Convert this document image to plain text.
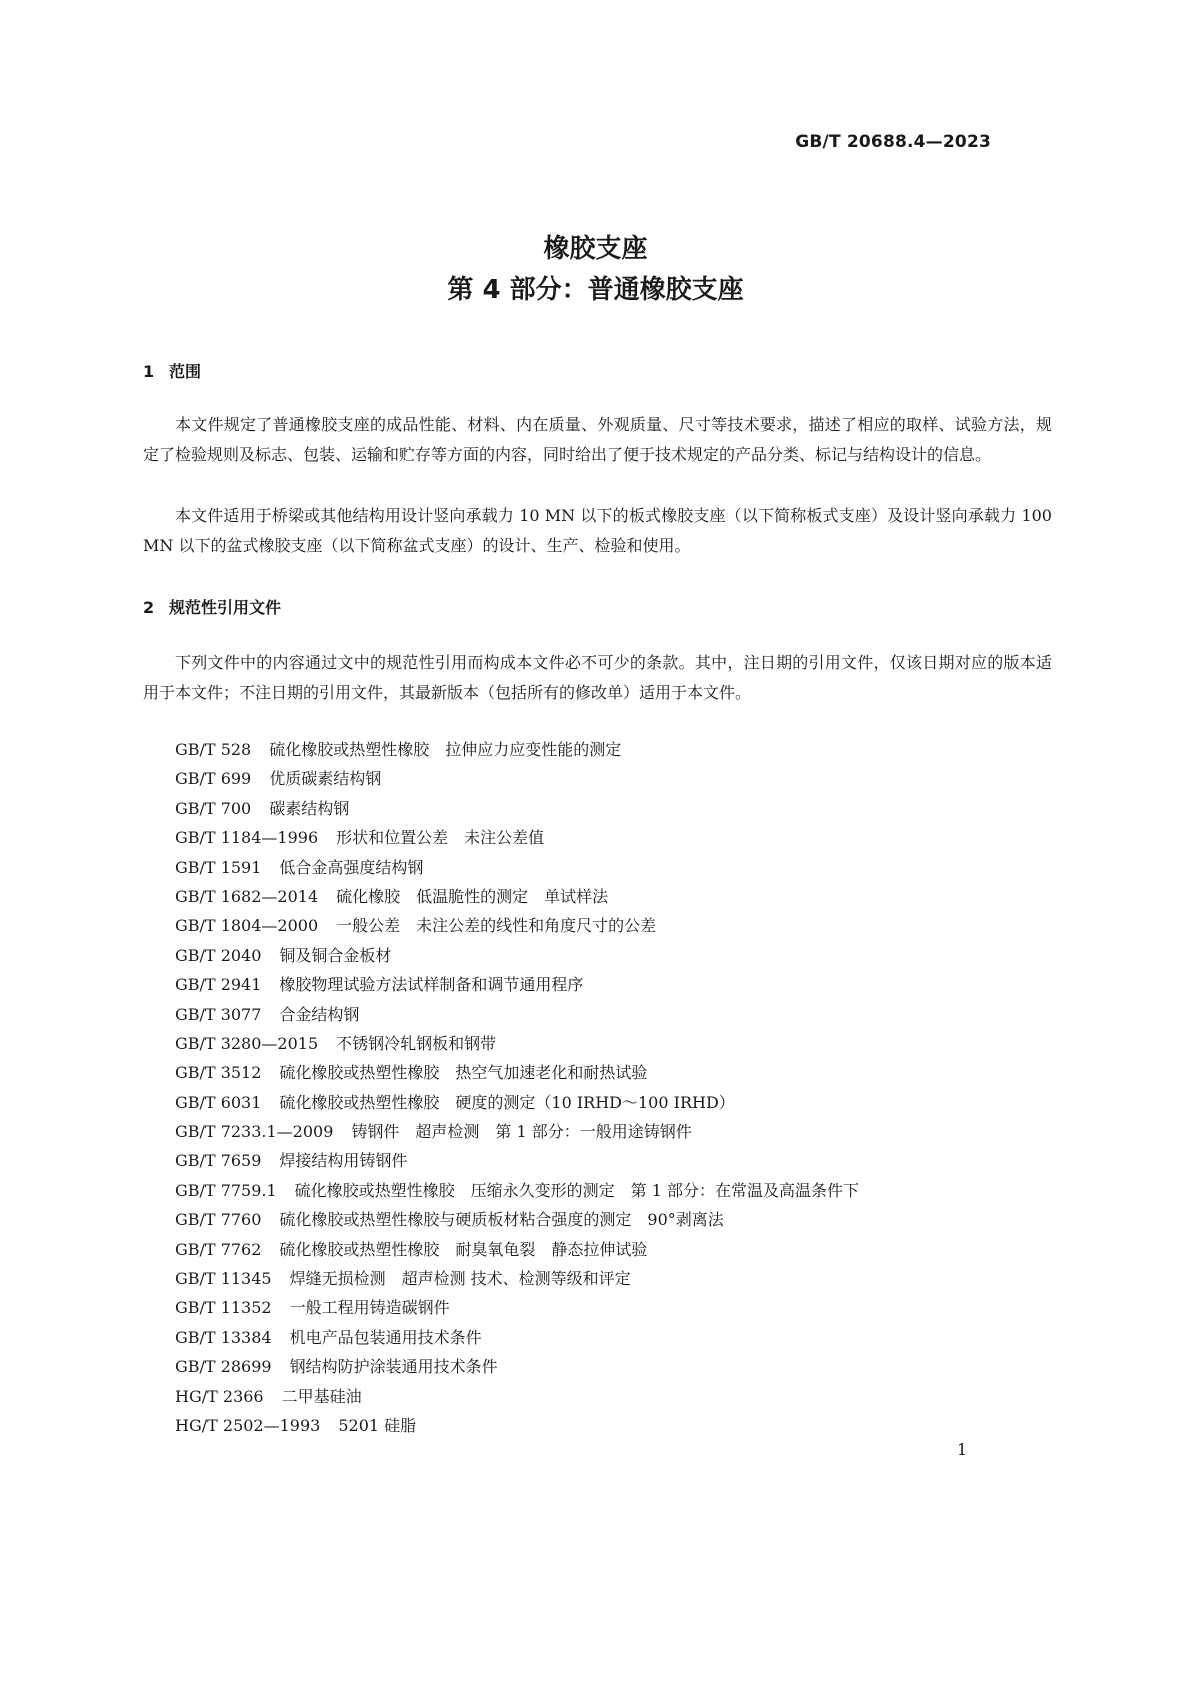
GB/T 20688.4—2023
橡胶支座
第 4 部分：普通橡胶支座
1 范围
本文件规定了普通橡胶支座的成品性能、材料、内在质量、外观质量、尺寸等技术要求，描述了相应的取样、试验方法，规定了检验规则及标志、包装、运输和贮存等方面的内容，同时给出了便于技术规定的产品分类、标记与结构设计的信息。
本文件适用于桥梁或其他结构用设计竖向承载力 10 MN 以下的板式橡胶支座（以下简称板式支座）及设计竖向承载力 100 MN 以下的盆式橡胶支座（以下简称盆式支座）的设计、生产、检验和使用。
2 规范性引用文件
下列文件中的内容通过文中的规范性引用而构成本文件必不可少的条款。其中，注日期的引用文件，仅该日期对应的版本适用于本文件；不注日期的引用文件，其最新版本（包括所有的修改单）适用于本文件。
GB/T 528 硫化橡胶或热塑性橡胶　拉伸应力应变性能的测定
GB/T 699 优质碳素结构钢
GB/T 700 碳素结构钢
GB/T 1184—1996 形状和位置公差　未注公差值
GB/T 1591 低合金高强度结构钢
GB/T 1682—2014 硫化橡胶　低温脆性的测定　单试样法
GB/T 1804—2000 一般公差　未注公差的线性和角度尺寸的公差
GB/T 2040 铜及铜合金板材
GB/T 2941 橡胶物理试验方法试样制备和调节通用程序
GB/T 3077 合金结构钢
GB/T 3280—2015 不锈钢冷轧钢板和钢带
GB/T 3512 硫化橡胶或热塑性橡胶　热空气加速老化和耐热试验
GB/T 6031 硫化橡胶或热塑性橡胶　硬度的测定（10 IRHD～100 IRHD）
GB/T 7233.1—2009 铸钢件　超声检测　第 1 部分：一般用途铸钢件
GB/T 7659 焊接结构用铸钢件
GB/T 7759.1 硫化橡胶或热塑性橡胶　压缩永久变形的测定　第 1 部分：在常温及高温条件下
GB/T 7760 硫化橡胶或热塑性橡胶与硬质板材粘合强度的测定　90°剥离法
GB/T 7762 硫化橡胶或热塑性橡胶　耐臭氧龟裂　静态拉伸试验
GB/T 11345 焊缝无损检测　超声检测 技术、检测等级和评定
GB/T 11352 一般工程用铸造碳钢件
GB/T 13384 机电产品包装通用技术条件
GB/T 28699 钢结构防护涂装通用技术条件
HG/T 2366 二甲基硅油
HG/T 2502—1993 5201 硅脂
1
